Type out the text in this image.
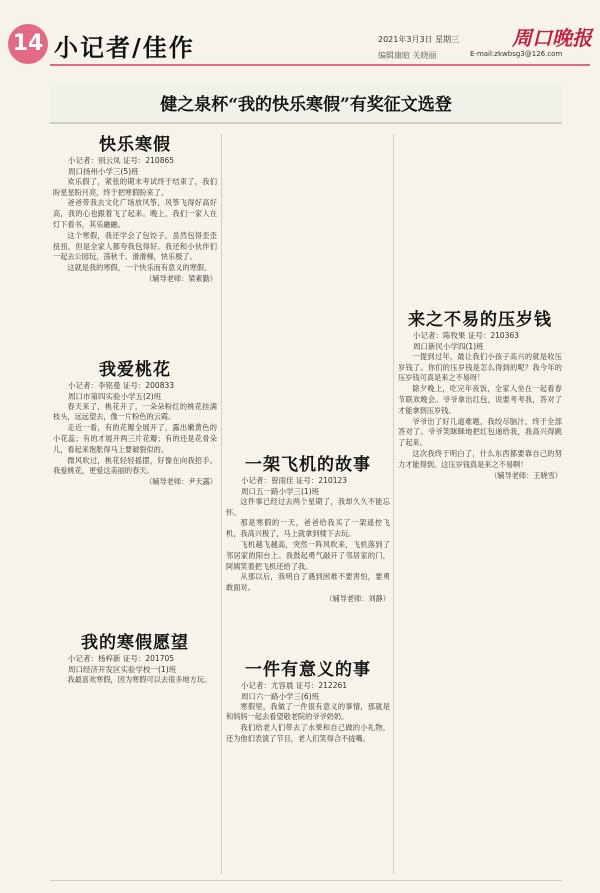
14 小记者/佳作	2021年3月3日 星期三
编辑康暄 关晓丽
周口晚报
E-mail:zkwbsg3@126.com
健之泉杯“我的快乐寒假”有奖征文选登
快乐寒假

小记者：别云凤 证号：210865

周口扬州小学三(5)班

欢乐假了，紧张的期末考试终于结束了，我们盼星星盼月亮，终于把寒假盼来了。

爸爸带我去文化广场放风筝，风筝飞得好高好高，我的心也跟着飞了起来。晚上，我们一家人在灯下看书，其乐融融。

这个寒假，我还学会了包饺子，虽然包得歪歪扭扭，但是全家人都夸我包得好。我还和小伙伴们一起去公园玩，荡秋千、滑滑梯，快乐极了。

这就是我的寒假，一个快乐而有意义的寒假。

（辅导老师：梁素勤）

我爱桃花

小记者：李铭曼 证号：200833

周口市第四实验小学五(2)班

春天来了，桃花开了，一朵朵粉红的桃花挂满枝头，远远望去，像一片粉色的云霞。

走近一看，有的花瓣全展开了，露出嫩黄色的小花蕊；有的才展开两三片花瓣；有的还是花骨朵儿，看起来饱胀得马上要破裂似的。

微风吹过，桃花轻轻摇摆，好像在向我招手。我爱桃花，更爱这美丽的春天。

（辅导老师：尹天露）

我的寒假愿望

小记者：杨梓新 证号：201705

周口经济开发区实验学校一(1)班

我最喜欢寒假，因为寒假可以去很多地方玩。

一架飞机的故事

小记者：曾雨佳 证号：210123

周口五一路小学三(1)班

这件事已经过去两个星期了，我却久久不能忘怀。

那是寒假的一天，爸爸给我买了一架遥控飞机，我高兴极了，马上就拿到楼下去玩。

飞机越飞越高，突然一阵风吹来，飞机落到了邻居家的阳台上。我鼓起勇气敲开了邻居家的门，阿姨笑着把飞机还给了我。

从那以后，我明白了遇到困难不要害怕，要勇敢面对。

（辅导老师：刘静）

一件有意义的事

小记者：尤容晨 证号：212261

周口六一路小学三(6)班

寒假里，我做了一件很有意义的事情，那就是和妈妈一起去看望敬老院的爷爷奶奶。

我们给老人们带去了水果和自己做的小礼物，还为他们表演了节目，老人们笑得合不拢嘴。

来之不易的压岁钱

小记者：陈牧果 证号：210363

周口新民小学四(1)班

一提到过年，最让我们小孩子高兴的就是收压岁钱了。你们的压岁钱是怎么得到的呢？我今年的压岁钱可真是来之不易呀！

除夕晚上，吃完年夜饭，全家人坐在一起看春节联欢晚会。爷爷拿出红包，说要考考我，答对了才能拿到压岁钱。

爷爷出了好几道难题，我绞尽脑汁，终于全部答对了。爷爷笑眯眯地把红包递给我，我高兴得跳了起来。

这次我终于明白了，什么东西都要靠自己的努力才能得到。这压岁钱真是来之不易啊！

（辅导老师：王晓雪）
